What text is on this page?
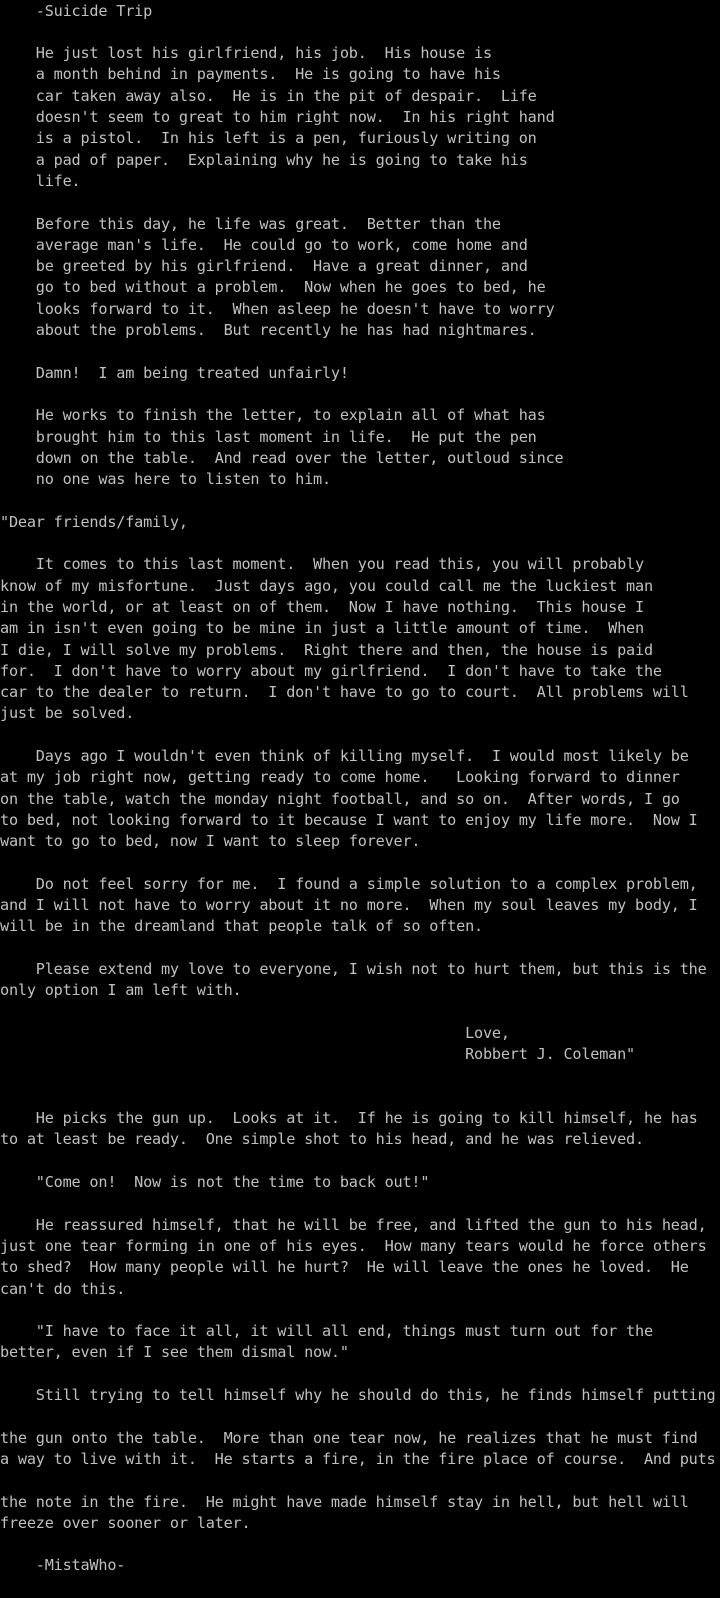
-Suicide Trip
He just lost his girlfriend, his job.  His house is
a month behind in payments.  He is going to have his
car taken away also.  He is in the pit of despair.  Life
doesn't seem to great to him right now.  In his right hand
is a pistol.  In his left is a pen, furiously writing on
a pad of paper.  Explaining why he is going to take his
life.
Before this day, he life was great.  Better than the
average man's life.  He could go to work, come home and
be greeted by his girlfriend.  Have a great dinner, and
go to bed without a problem.  Now when he goes to bed, he
looks forward to it.  When asleep he doesn't have to worry
about the problems.  But recently he has had nightmares.
Damn!  I am being treated unfairly!
He works to finish the letter, to explain all of what has
brought him to this last moment in life.  He put the pen
down on the table.  And read over the letter, outloud since
no one was here to listen to him.
"Dear friends/family,
It comes to this last moment.  When you read this, you will probably
know of my misfortune.  Just days ago, you could call me the luckiest man
in the world, or at least on of them.  Now I have nothing.  This house I
am in isn't even going to be mine in just a little amount of time.  When
I die, I will solve my problems.  Right there and then, the house is paid
for.  I don't have to worry about my girlfriend.  I don't have to take the
car to the dealer to return.  I don't have to go to court.  All problems will
just be solved.
Days ago I wouldn't even think of killing myself.  I would most likely be
at my job right now, getting ready to come home.   Looking forward to dinner
on the table, watch the monday night football, and so on.  After words, I go
to bed, not looking forward to it because I want to enjoy my life more.  Now I
want to go to bed, now I want to sleep forever.
Do not feel sorry for me.  I found a simple solution to a complex problem,
and I will not have to worry about it no more.  When my soul leaves my body, I
will be in the dreamland that people talk of so often.
Please extend my love to everyone, I wish not to hurt them, but this is the
only option I am left with.
Love,
Robbert J. Coleman"
He picks the gun up.  Looks at it.  If he is going to kill himself, he has
to at least be ready.  One simple shot to his head, and he was relieved.
"Come on!  Now is not the time to back out!"
He reassured himself, that he will be free, and lifted the gun to his head,
just one tear forming in one of his eyes.  How many tears would he force others
to shed?  How many people will he hurt?  He will leave the ones he loved.  He
can't do this.
"I have to face it all, it will all end, things must turn out for the
better, even if I see them dismal now."
Still trying to tell himself why he should do this, he finds himself putting
the gun onto the table.  More than one tear now, he realizes that he must find
a way to live with it.  He starts a fire, in the fire place of course.  And puts
the note in the fire.  He might have made himself stay in hell, but hell will
freeze over sooner or later.
-MistaWho-
